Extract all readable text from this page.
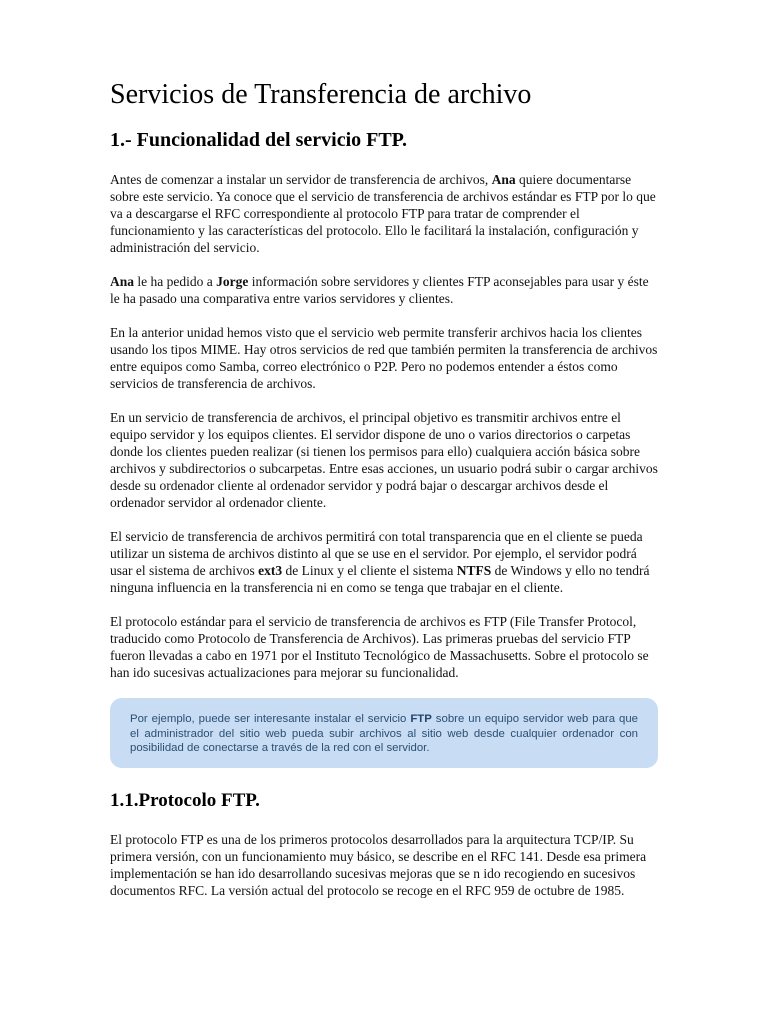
Servicios de Transferencia de archivo
1.- Funcionalidad del servicio FTP.

Antes de comenzar a instalar un servidor de transferencia de archivos, Ana quiere documentarse sobre este servicio. Ya conoce que el servicio de transferencia de archivos estándar es FTP por lo que va a descargarse el RFC correspondiente al protocolo FTP para tratar de comprender el funcionamiento y las características del protocolo. Ello le facilitará la instalación, configuración y administración del servicio.

Ana le ha pedido a Jorge información sobre servidores y clientes FTP aconsejables para usar y éste le ha pasado una comparativa entre varios servidores y clientes.

En la anterior unidad hemos visto que el servicio web permite transferir archivos hacia los clientes usando los tipos MIME. Hay otros servicios de red que también permiten la transferencia de archivos entre equipos como Samba, correo electrónico o P2P. Pero no podemos entender a éstos como servicios de transferencia de archivos.

En un servicio de transferencia de archivos, el principal objetivo es transmitir archivos entre el equipo servidor y los equipos clientes. El servidor dispone de uno o varios directorios o carpetas donde los clientes pueden realizar (si tienen los permisos para ello) cualquiera acción básica sobre archivos y subdirectorios o subcarpetas. Entre esas acciones, un usuario podrá subir o cargar archivos desde su ordenador cliente al ordenador servidor y podrá bajar o descargar archivos desde el ordenador servidor al ordenador cliente.

El servicio de transferencia de archivos permitirá con total transparencia que en el cliente se pueda utilizar un sistema de archivos distinto al que se use en el servidor. Por ejemplo, el servidor podrá usar el sistema de archivos ext3 de Linux y el cliente el sistema NTFS de Windows y ello no tendrá ninguna influencia en la transferencia ni en como se tenga que trabajar en el cliente.

El protocolo estándar para el servicio de transferencia de archivos es FTP (File Transfer Protocol, traducido como Protocolo de Transferencia de Archivos). Las primeras pruebas del servicio FTP fueron llevadas a cabo en 1971 por el Instituto Tecnológico de Massachusetts. Sobre el protocolo se han ido sucesivas actualizaciones para mejorar su funcionalidad.

Por ejemplo, puede ser interesante instalar el servicio FTP sobre un equipo servidor web para que el administrador del sitio web pueda subir archivos al sitio web desde cualquier ordenador con posibilidad de conectarse a través de la red con el servidor.
1.1.Protocolo FTP.

El protocolo FTP es una de los primeros protocolos desarrollados para la arquitectura TCP/IP. Su primera versión, con un funcionamiento muy básico, se describe en el RFC 141. Desde esa primera implementación se han ido desarrollando sucesivas mejoras que se n ido recogiendo en sucesivos documentos RFC. La versión actual del protocolo se recoge en el RFC 959 de octubre de 1985.
